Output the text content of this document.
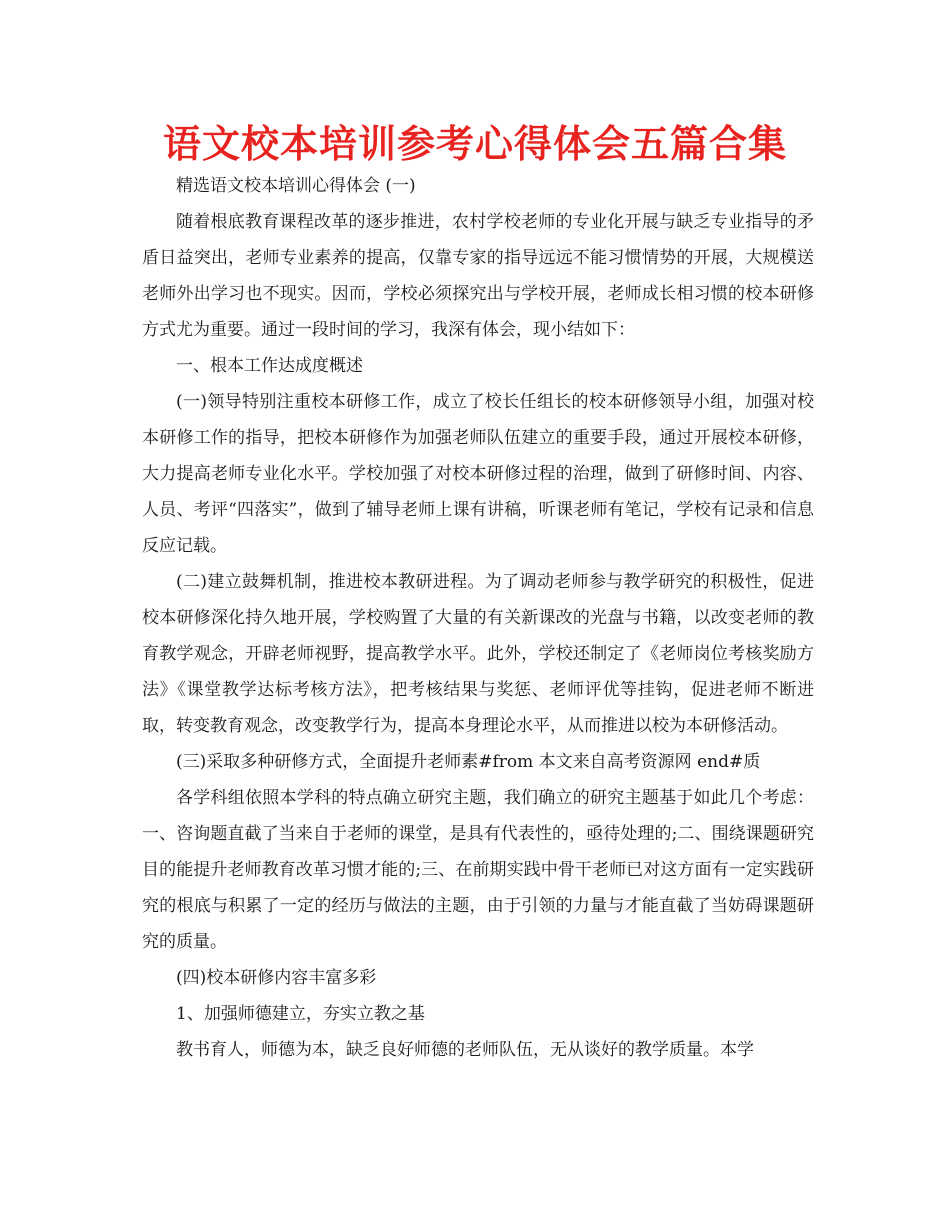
语文校本培训参考心得体会五篇合集

精选语文校本培训心得体会 (一)

随着根底教育课程改革的逐步推进，农村学校老师的专业化开展与缺乏专业指导的矛盾日益突出，老师专业素养的提高，仅靠专家的指导远远不能习惯情势的开展，大规模送老师外出学习也不现实。因而，学校必须探究出与学校开展，老师成长相习惯的校本研修方式尤为重要。通过一段时间的学习，我深有体会，现小结如下：

一、根本工作达成度概述

(一)领导特别注重校本研修工作，成立了校长任组长的校本研修领导小组，加强对校本研修工作的指导，把校本研修作为加强老师队伍建立的重要手段，通过开展校本研修，大力提高老师专业化水平。学校加强了对校本研修过程的治理，做到了研修时间、内容、人员、考评“四落实”，做到了辅导老师上课有讲稿，听课老师有笔记，学校有记录和信息反应记载。

(二)建立鼓舞机制，推进校本教研进程。为了调动老师参与教学研究的积极性，促进校本研修深化持久地开展，学校购置了大量的有关新课改的光盘与书籍，以改变老师的教育教学观念，开辟老师视野，提高教学水平。此外，学校还制定了《老师岗位考核奖励方法》《课堂教学达标考核方法》，把考核结果与奖惩、老师评优等挂钩，促进老师不断进取，转变教育观念，改变教学行为，提高本身理论水平，从而推进以校为本研修活动。

(三)采取多种研修方式，全面提升老师素#from 本文来自高考资源网 end#质

各学科组依照本学科的特点确立研究主题，我们确立的研究主题基于如此几个考虑：一、咨询题直截了当来自于老师的课堂，是具有代表性的，亟待处理的;二、围绕课题研究目的能提升老师教育改革习惯才能的;三、在前期实践中骨干老师已对这方面有一定实践研究的根底与积累了一定的经历与做法的主题，由于引领的力量与才能直截了当妨碍课题研究的质量。

(四)校本研修内容丰富多彩

1、加强师德建立，夯实立教之基

教书育人，师德为本，缺乏良好师德的老师队伍，无从谈好的教学质量。本学
